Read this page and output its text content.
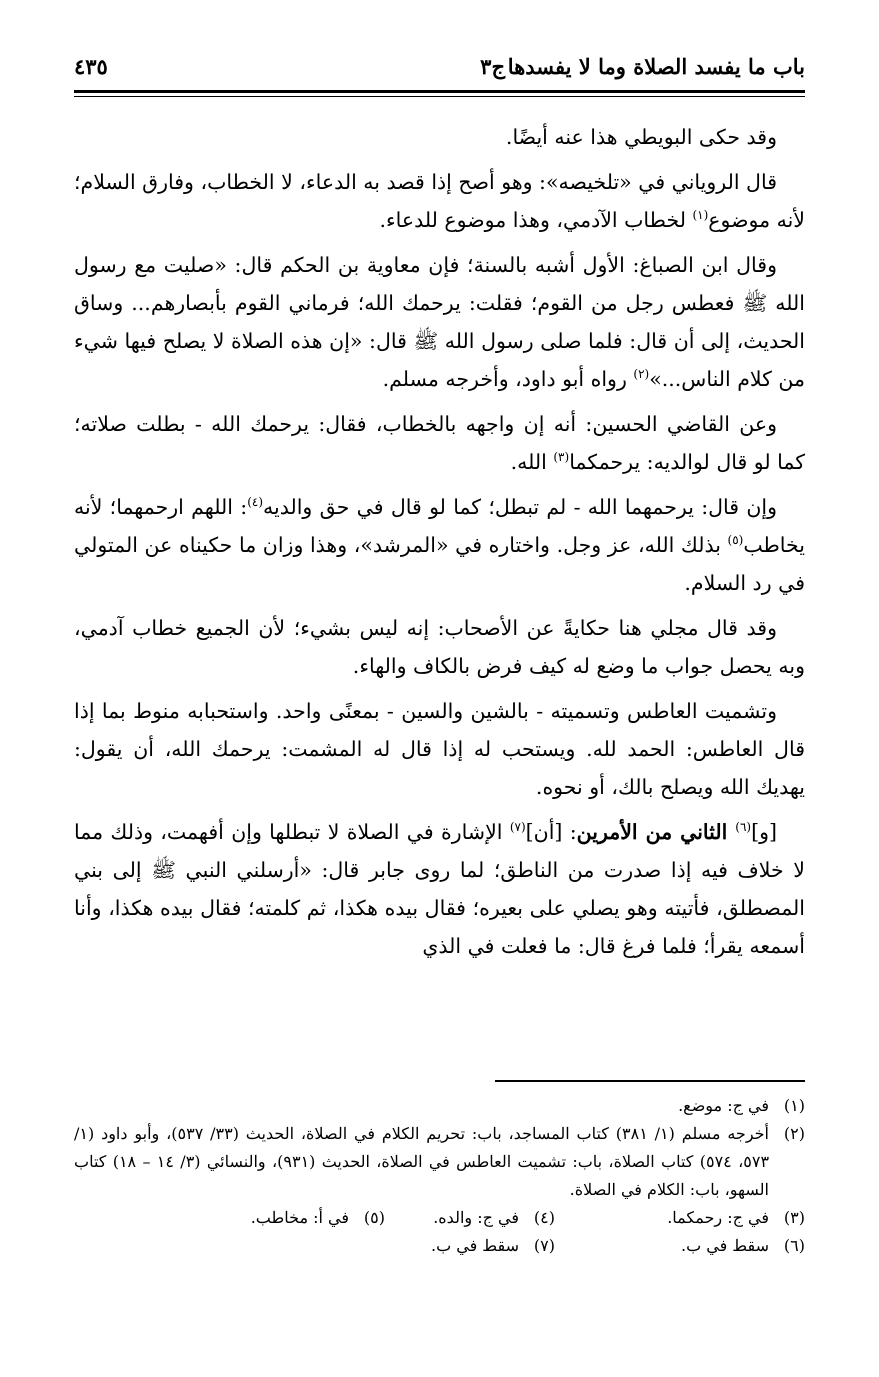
باب ما يفسد الصلاة وما لا يفسدها
ج٣
٤٣٥

وقد حكى البويطي هذا عنه أيضًا.

قال الروياني في «تلخيصه»: وهو أصح إذا قصد به الدعاء، لا الخطاب، وفارق السلام؛ لأنه موضوع$^{(١)}$ لخطاب الآدمي، وهذا موضوع للدعاء.

وقال ابن الصباغ: الأول أشبه بالسنة؛ فإن معاوية بن الحكم قال: «صليت مع رسول الله ﷺ فعطس رجل من القوم؛ فقلت: يرحمك الله؛ فرماني القوم بأبصارهم... وساق الحديث، إلى أن قال: فلما صلى رسول الله ﷺ قال: «إن هذه الصلاة لا يصلح فيها شيء من كلام الناس...»$^{(٢)}$ رواه أبو داود، وأخرجه مسلم.

وعن القاضي الحسين: أنه إن واجهه بالخطاب، فقال: يرحمك الله - بطلت صلاته؛ كما لو قال لوالديه: يرحمكما$^{(٣)}$ الله.

وإن قال: يرحمهما الله - لم تبطل؛ كما لو قال في حق والديه$^{(٤)}$: اللهم ارحمهما؛ لأنه يخاطب$^{(٥)}$ بذلك الله، عز وجل. واختاره في «المرشد»، وهذا وزان ما حكيناه عن المتولي في رد السلام.

وقد قال مجلي هنا حكايةً عن الأصحاب: إنه ليس بشيء؛ لأن الجميع خطاب آدمي، وبه يحصل جواب ما وضع له كيف فرض بالكاف والهاء.

وتشميت العاطس وتسميته - بالشين والسين - بمعنًى واحد. واستحبابه منوط بما إذا قال العاطس: الحمد لله. ويستحب له إذا قال له المشمت: يرحمك الله، أن يقول: يهديك الله ويصلح بالك، أو نحوه.

[و]$^{(٦)}$ الثاني من الأمرين: [أن]$^{(٧)}$ الإشارة في الصلاة لا تبطلها وإن أفهمت، وذلك مما لا خلاف فيه إذا صدرت من الناطق؛ لما روى جابر قال: «أرسلني النبي ﷺ إلى بني المصطلق، فأتيته وهو يصلي على بعيره؛ فقال بيده هكذا، ثم كلمته؛ فقال بيده هكذا، وأنا أسمعه يقرأ؛ فلما فرغ قال: ما فعلت في الذي

(١)
في ج: موضع.
(٢)
أخرجه مسلم (١/ ٣٨١) كتاب المساجد، باب: تحريم الكلام في الصلاة، الحديث (٣٣/ ٥٣٧)، وأبو داود (١/ ٥٧٣، ٥٧٤) كتاب الصلاة، باب: تشميت العاطس في الصلاة، الحديث (٩٣١)، والنسائي (٣/ ١٤ – ١٨) كتاب السهو، باب: الكلام في الصلاة.
(٣)
في ج: رحمكما.
(٤)
في ج: والده.
(٥)
في أ: مخاطب.
(٦)
سقط في ب.
(٧)
سقط في ب.
